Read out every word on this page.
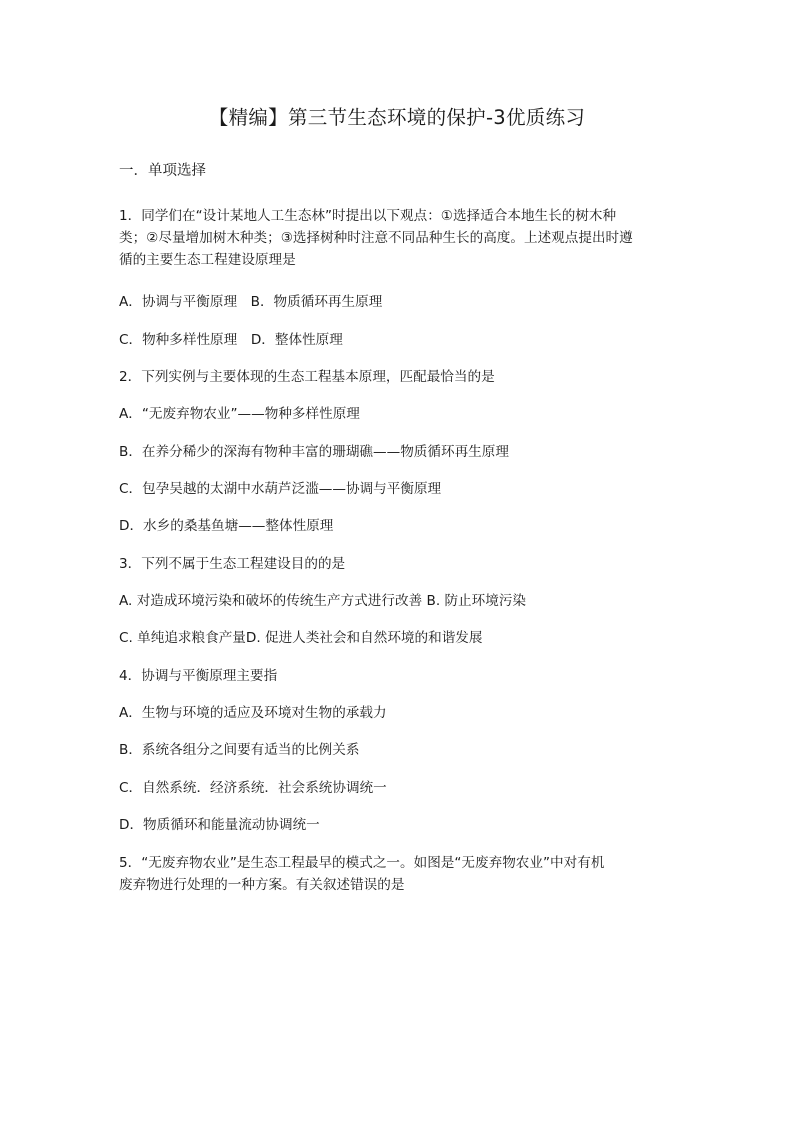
【精编】第三节生态环境的保护-3优质练习
一．单项选择
1．同学们在“设计某地人工生态林”时提出以下观点：①选择适合本地生长的树木种
类；②尽量增加树木种类；③选择树种时注意不同品种生长的高度。上述观点提出时遵
循的主要生态工程建设原理是
A．协调与平衡原理　B．物质循环再生原理
C．物种多样性原理　D．整体性原理
2．下列实例与主要体现的生态工程基本原理，匹配最恰当的是
A．“无废弃物农业”——物种多样性原理
B．在养分稀少的深海有物种丰富的珊瑚礁——物质循环再生原理
C．包孕吴越的太湖中水葫芦泛滥——协调与平衡原理
D．水乡的桑基鱼塘——整体性原理
3．下列不属于生态工程建设目的的是
A. 对造成环境污染和破坏的传统生产方式进行改善 B. 防止环境污染
C. 单纯追求粮食产量D. 促进人类社会和自然环境的和谐发展
4．协调与平衡原理主要指
A．生物与环境的适应及环境对生物的承载力
B．系统各组分之间要有适当的比例关系
C．自然系统．经济系统．社会系统协调统一
D．物质循环和能量流动协调统一
5．“无废弃物农业”是生态工程最早的模式之一。如图是“无废弃物农业”中对有机
废弃物进行处理的一种方案。有关叙述错误的是
